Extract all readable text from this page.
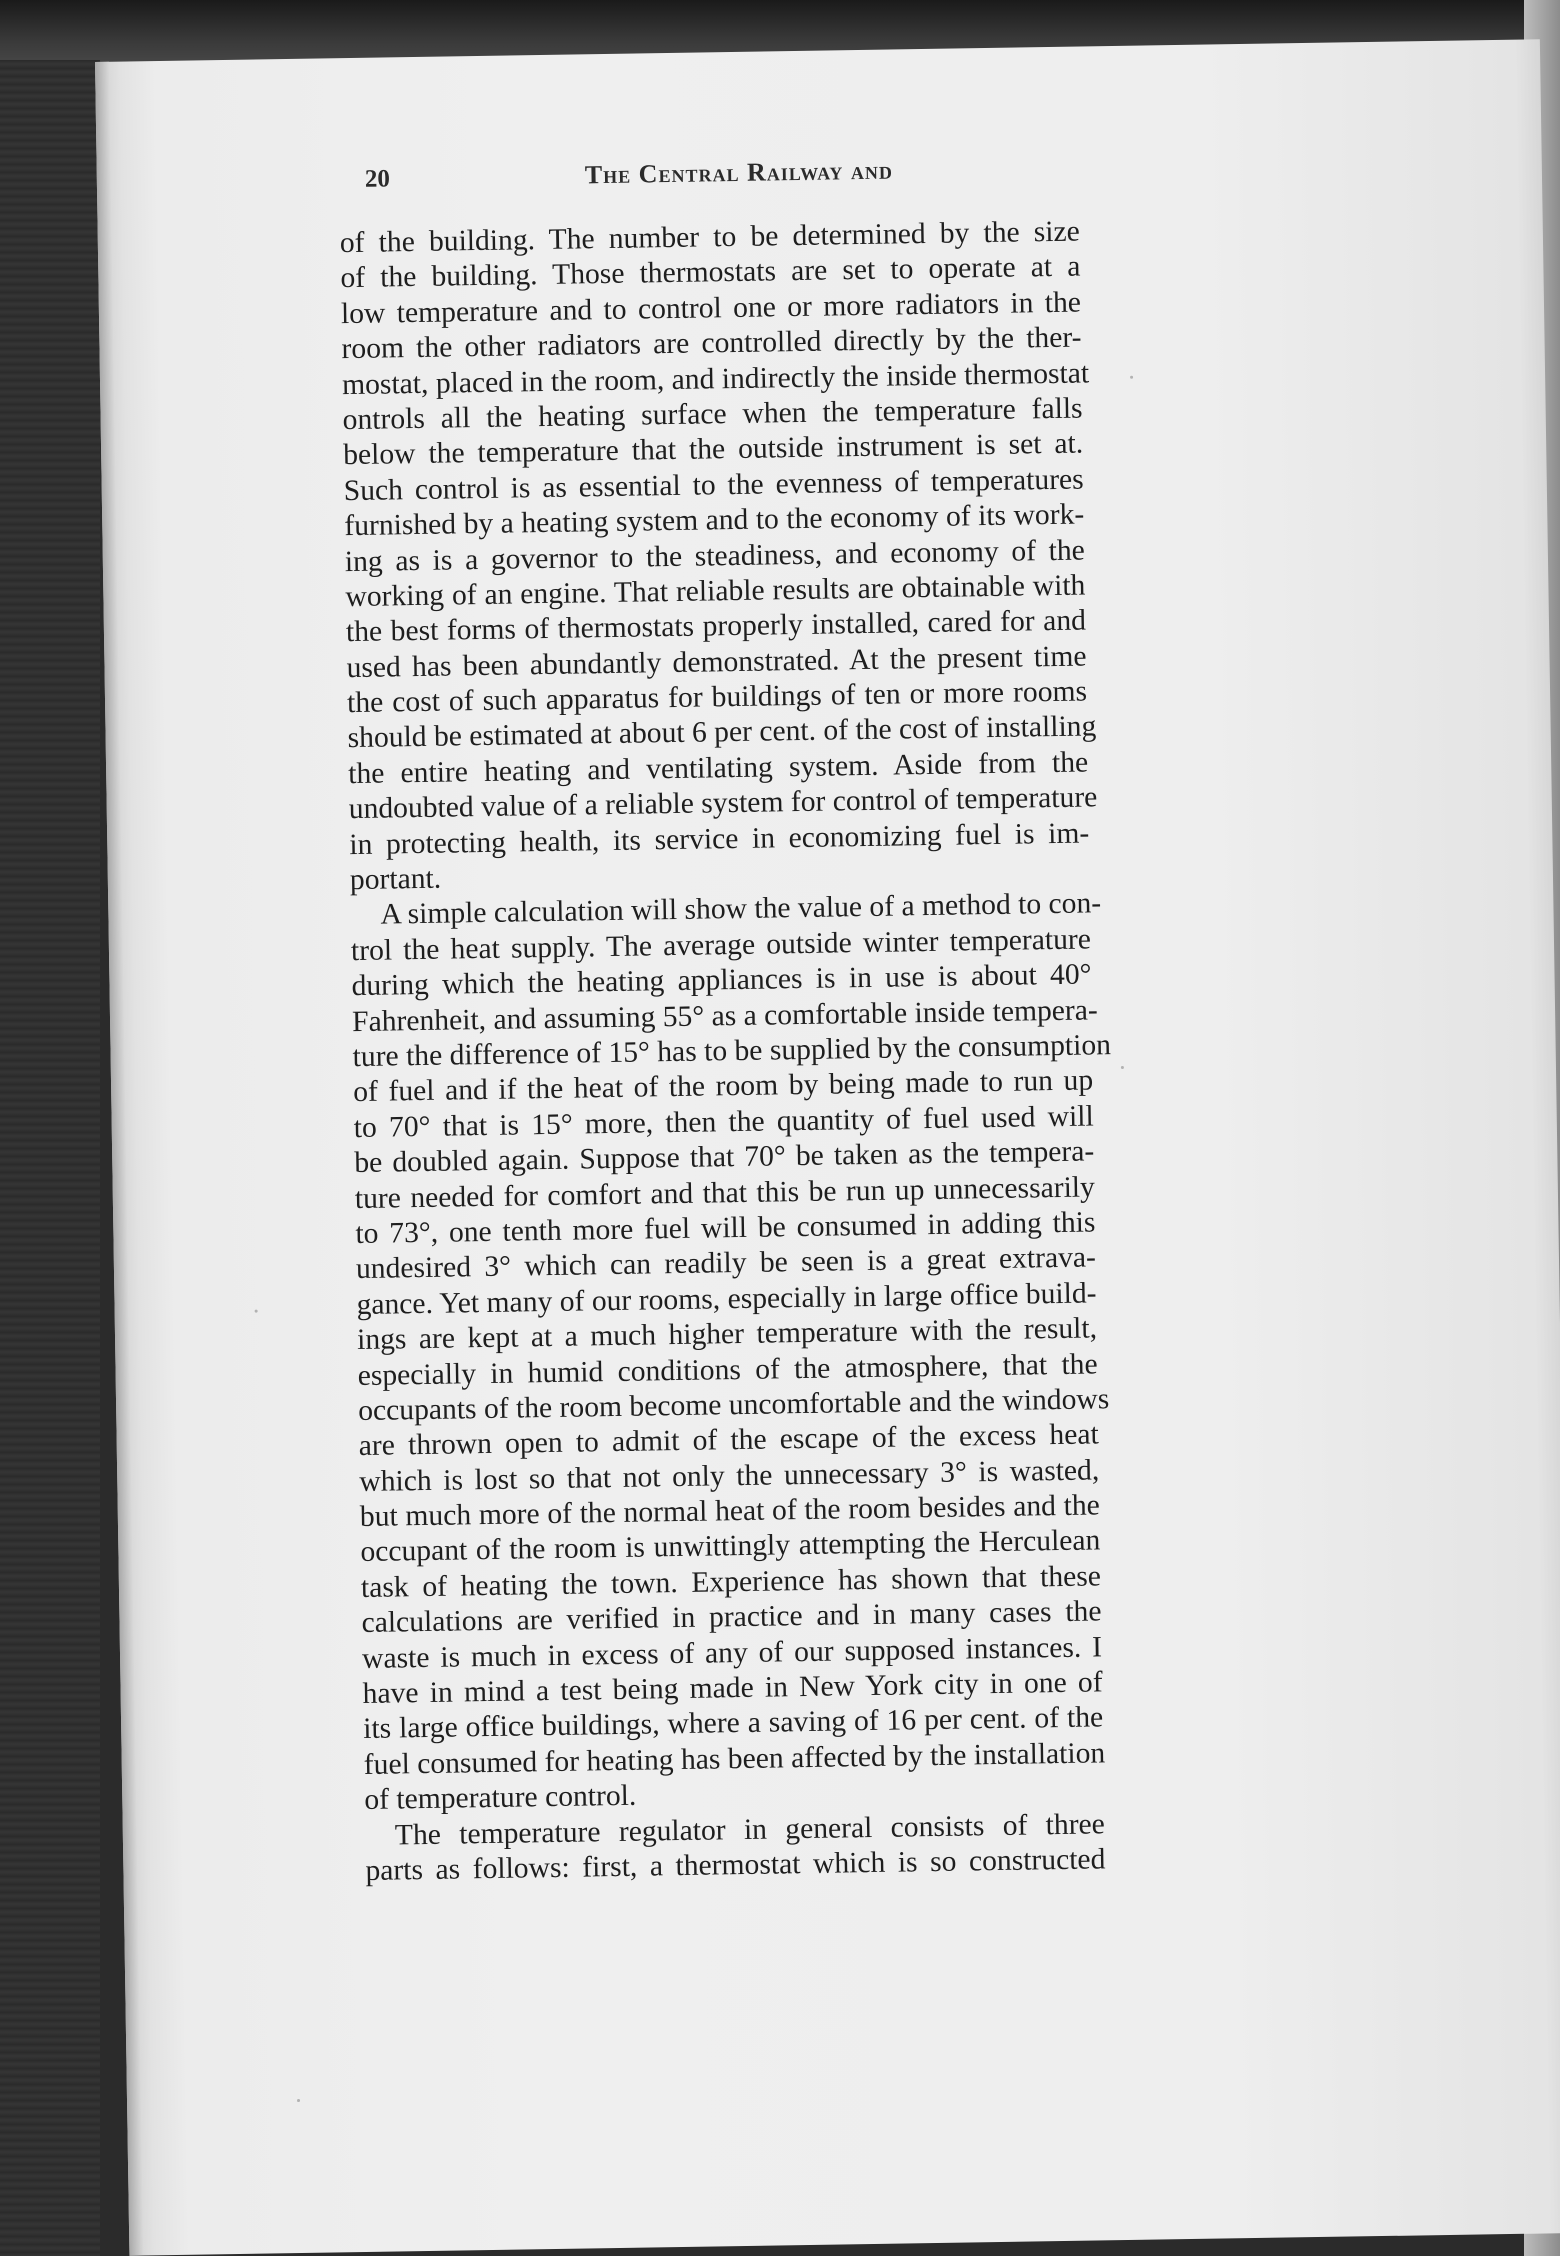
20	The Central Railway and
of the building. The number to be determined by the size
of the building. Those thermostats are set to operate at a
low temperature and to control one or more radiators in the
room the other radiators are controlled directly by the ther-
mostat, placed in the room, and indirectly the inside thermostat
ontrols all the heating surface when the temperature falls
below the temperature that the outside instrument is set at.
Such control is as essential to the evenness of temperatures
furnished by a heating system and to the economy of its work-
ing as is a governor to the steadiness, and economy of the
working of an engine. That reliable results are obtainable with
the best forms of thermostats properly installed, cared for and
used has been abundantly demonstrated. At the present time
the cost of such apparatus for buildings of ten or more rooms
should be estimated at about 6 per cent. of the cost of installing
the entire heating and ventilating system. Aside from the
undoubted value of a reliable system for control of temperature
in protecting health, its service in economizing fuel is im-
portant.
A simple calculation will show the value of a method to con-
trol the heat supply. The average outside winter temperature
during which the heating appliances is in use is about 40°
Fahrenheit, and assuming 55° as a comfortable inside tempera-
ture the difference of 15° has to be supplied by the consumption
of fuel and if the heat of the room by being made to run up
to 70° that is 15° more, then the quantity of fuel used will
be doubled again. Suppose that 70° be taken as the tempera-
ture needed for comfort and that this be run up unnecessarily
to 73°, one tenth more fuel will be consumed in adding this
undesired 3° which can readily be seen is a great extrava-
gance. Yet many of our rooms, especially in large office build-
ings are kept at a much higher temperature with the result,
especially in humid conditions of the atmosphere, that the
occupants of the room become uncomfortable and the windows
are thrown open to admit of the escape of the excess heat
which is lost so that not only the unnecessary 3° is wasted,
but much more of the normal heat of the room besides and the
occupant of the room is unwittingly attempting the Herculean
task of heating the town. Experience has shown that these
calculations are verified in practice and in many cases the
waste is much in excess of any of our supposed instances. I
have in mind a test being made in New York city in one of
its large office buildings, where a saving of 16 per cent. of the
fuel consumed for heating has been affected by the installation
of temperature control.
The temperature regulator in general consists of three
parts as follows: first, a thermostat which is so constructed
